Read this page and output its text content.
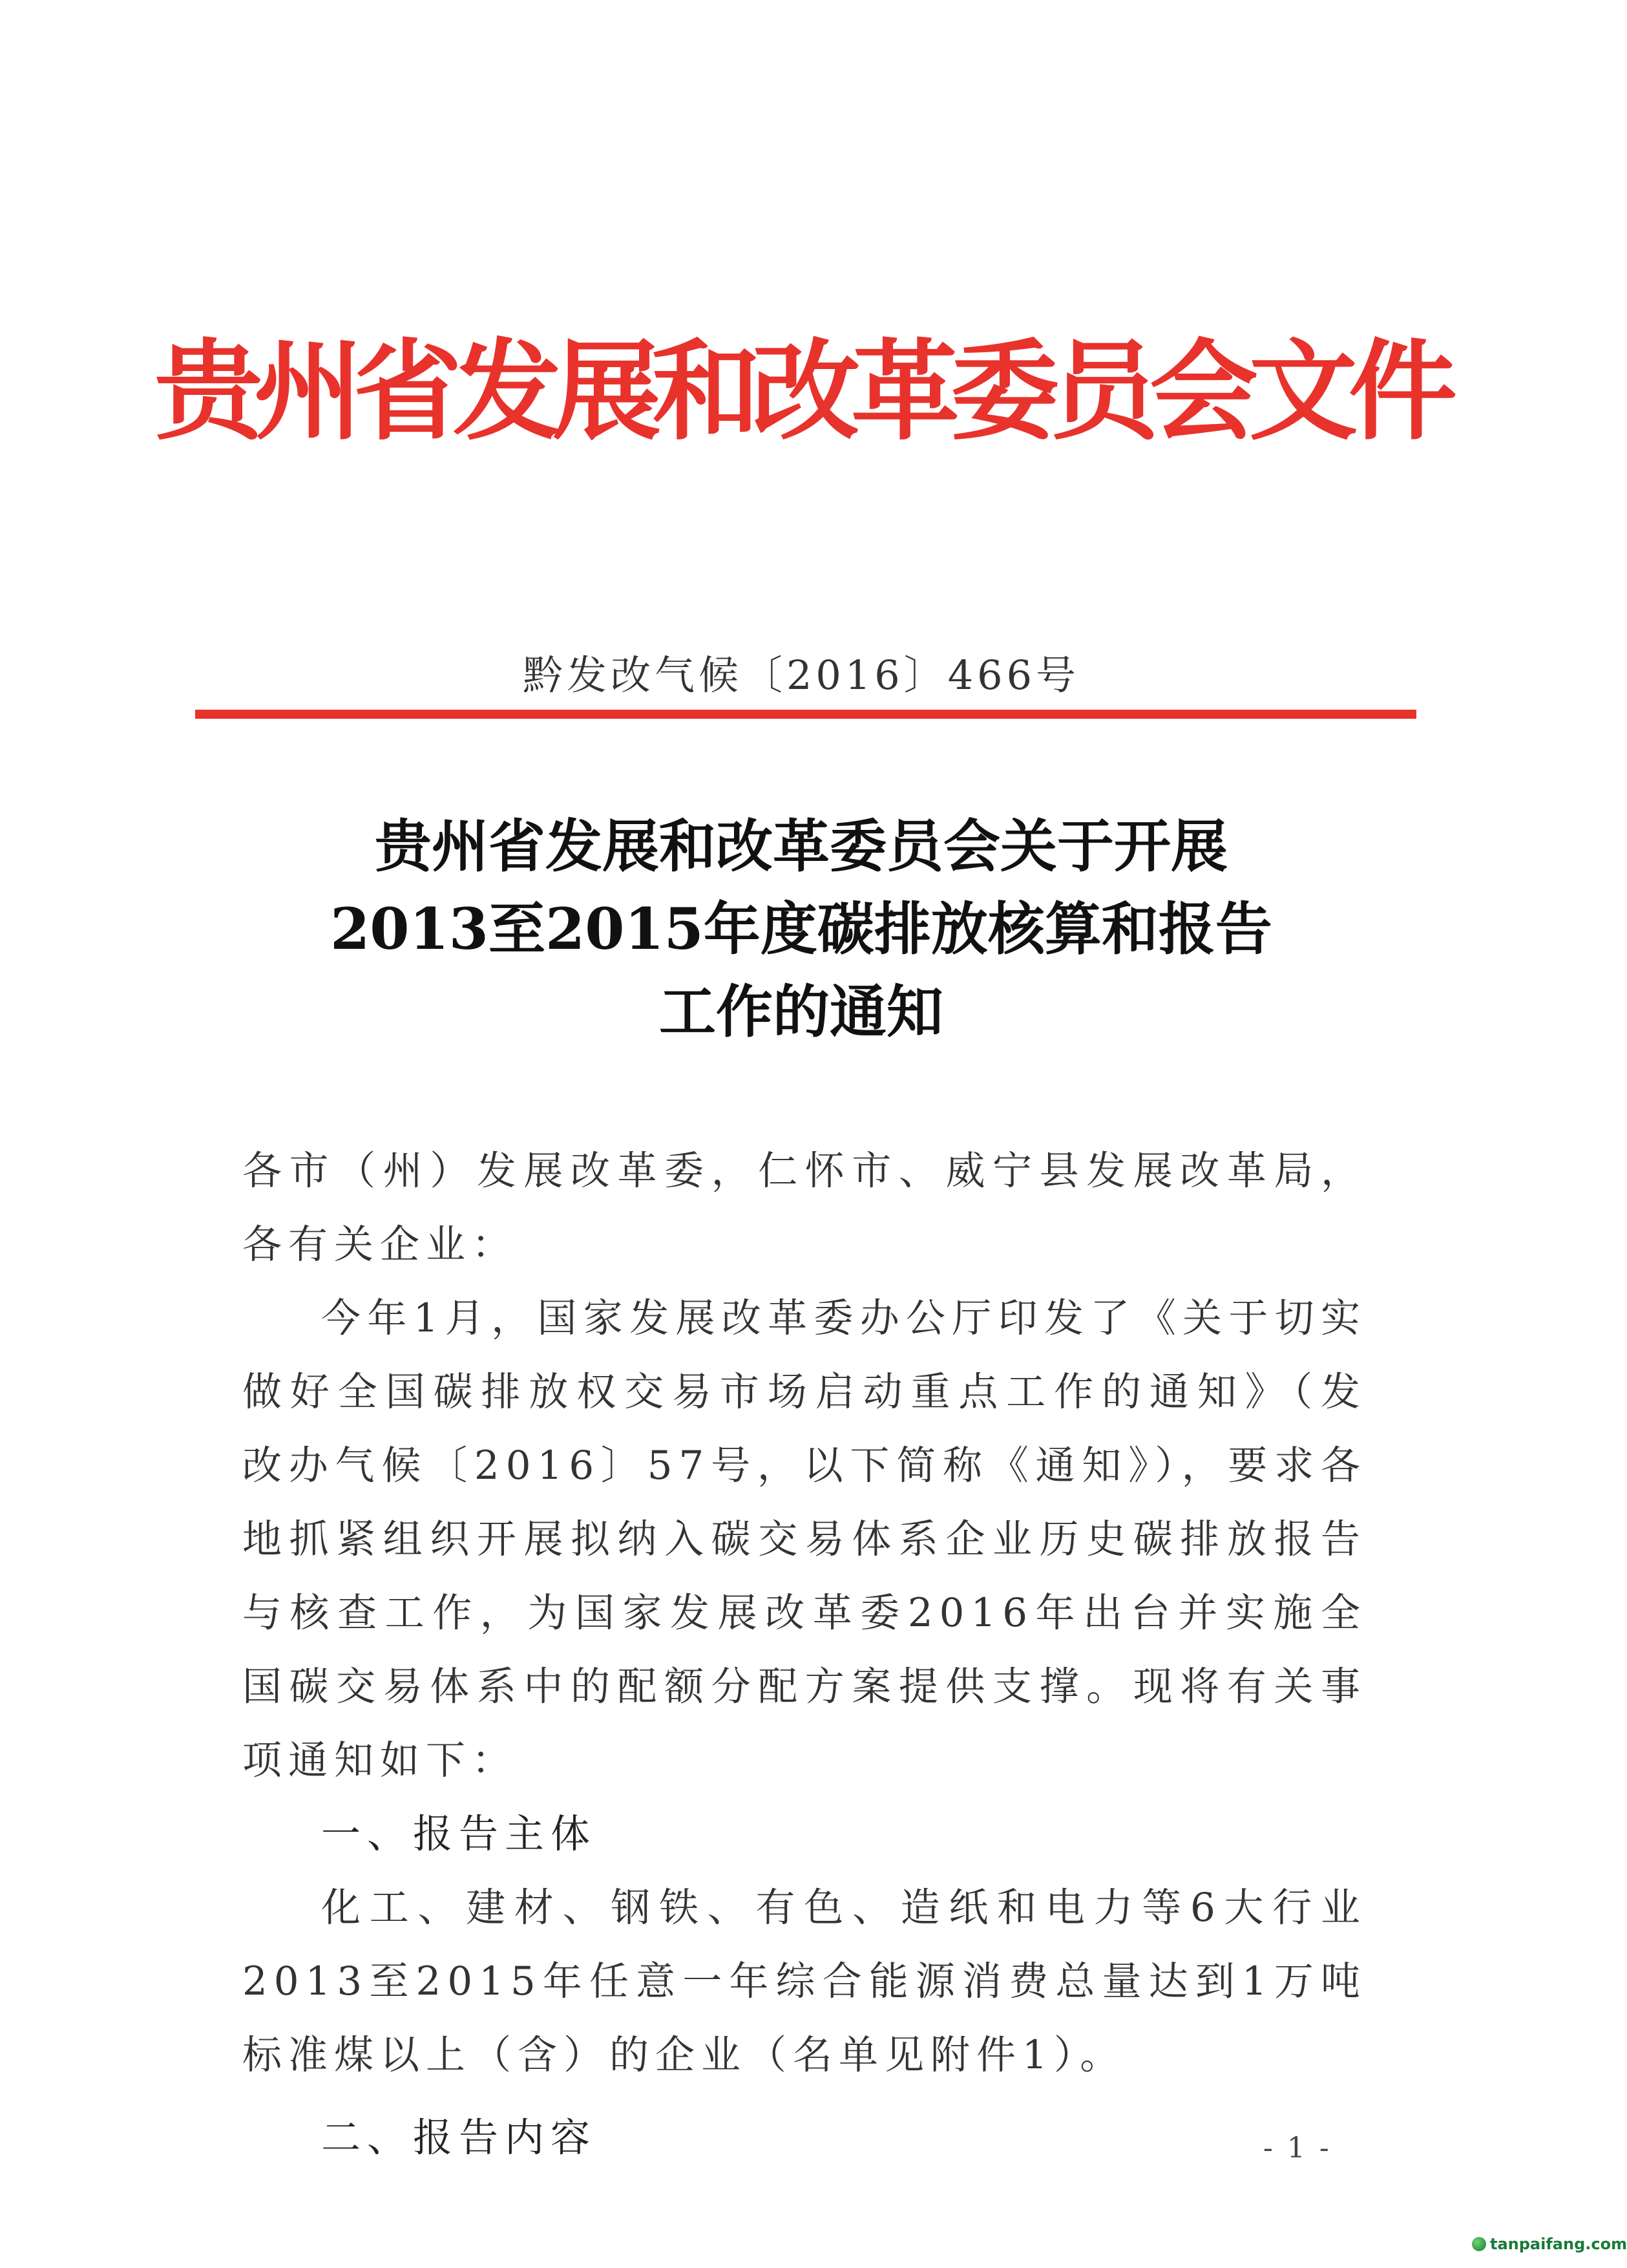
贵州省发展和改革委员会文件
黔发改气候〔2016〕466号
贵州省发展和改革委员会关于开展
2013至2015年度碳排放核算和报告
工作的通知

各市（州）发展改革委，仁怀市、威宁县发展改革局，各有关企业：

今年1月，国家发展改革委办公厅印发了《关于切实做好全国碳排放权交易市场启动重点工作的通知》（发改办气候〔2016〕57号，以下简称《通知》），要求各地抓紧组织开展拟纳入碳交易体系企业历史碳排放报告与核查工作，为国家发展改革委2016年出台并实施全国碳交易体系中的配额分配方案提供支撑。现将有关事项通知如下：

一、报告主体

化工、建材、钢铁、有色、造纸和电力等6大行业2013至2015年任意一年综合能源消费总量达到1万吨标准煤以上（含）的企业（名单见附件1）。

二、报告内容	- 1 -
tanpaifang.com
